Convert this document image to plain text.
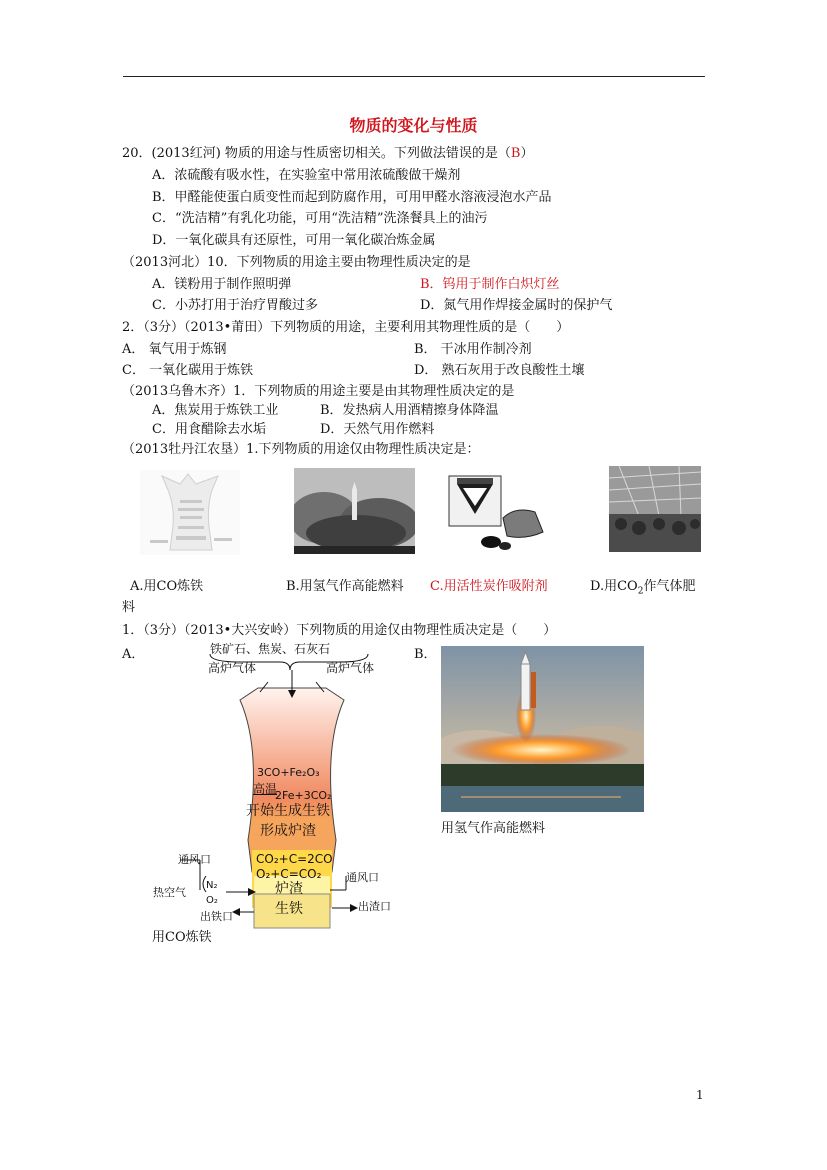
物质的变化与性质
20．(2013红河) 物质的用途与性质密切相关。下列做法错误的是（B）
A．浓硫酸有吸水性，在实验室中常用浓硫酸做干燥剂
B．甲醛能使蛋白质变性而起到防腐作用，可用甲醛水溶液浸泡水产品
C．“洗洁精”有乳化功能，可用“洗洁精”洗涤餐具上的油污
D．一氧化碳具有还原性，可用一氧化碳冶炼金属
（2013河北）10．下列物质的用途主要由物理性质决定的是
A．镁粉用于制作照明弹	B．钨用于制作白炽灯丝
C．小苏打用于治疗胃酸过多	D．氮气用作焊接金属时的保护气
2．（3分）（2013•莆田）下列物质的用途，主要利用其物理性质的是（　　）
A． 氧气用于炼钢	B． 干冰用作制冷剂
C． 一氧化碳用于炼铁	D． 熟石灰用于改良酸性土壤
（2013乌鲁木齐）1．下列物质的用途主要是由其物理性质决定的是
A．焦炭用于炼铁工业	B．发热病人用酒精擦身体降温
C．用食醋除去水垢	D．天然气用作燃料
（2013牡丹江农垦）1.下列物质的用途仅由物理性质决定是：
A.用CO炼铁	B.用氢气作高能燃料 C.用活性炭作吸附剂	D.用$CO_2$作气体肥
料
1．（3分）（2013•大兴安岭）下列物质的用途仅由物理性质决定是（　　）
A．	B．
铁矿石、焦炭、石灰石
高炉气体	高炉气体
3CO+Fe₂O₃
高温
2Fe+3CO₂
开始生成生铁
形成炉渣
CO₂+C=2CO
O₂+C=CO₂
炉渣
生铁
通风口
通风口
热空气
N₂
O₂
出铁口
出渣口
用CO炼铁
用氢气作高能燃料
1
